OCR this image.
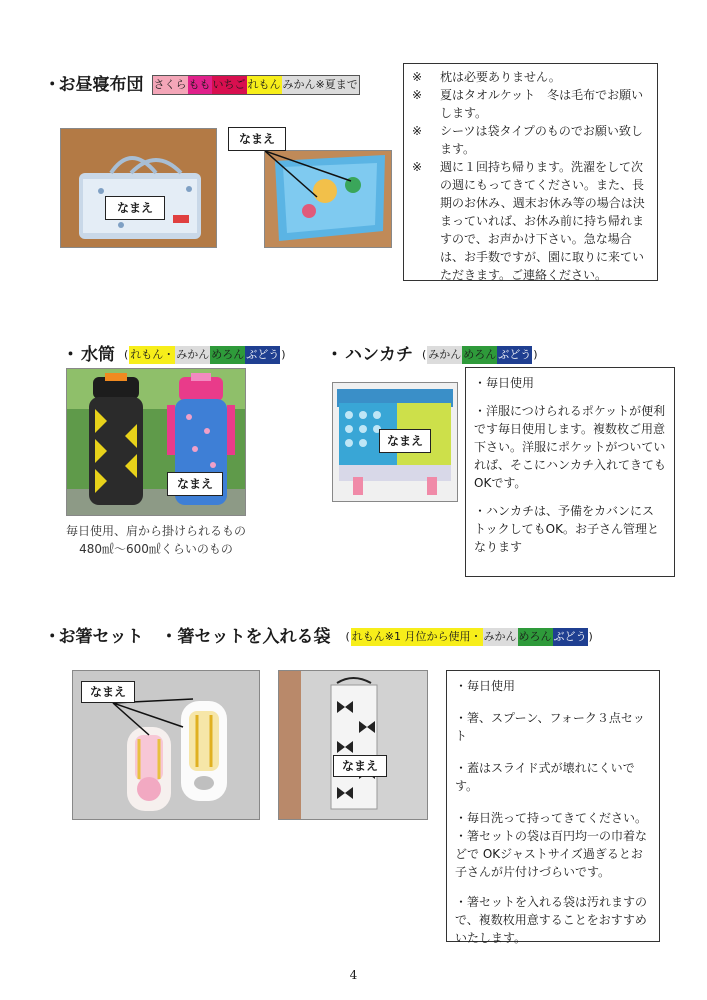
･ お昼寝布団 さくら もも いちご れもん みかん※夏まで
なまえ
なまえ
※	枕は必要ありません。
※	夏はタオルケット　冬は毛布でお願いします。
※	シーツは袋タイプのものでお願い致します。
※	週に１回持ち帰ります。洗濯をして次の週にもってきてください。また、長期のお休み、週末お休み等の場合は決まっていれば、お休み前に持ち帰れますので、お声かけ下さい。急な場合は、お手数ですが、園に取りに来ていただきます。ご連絡ください。
・ 水筒 ( れもん・ みかん めろん ぶどう )
なまえ
毎日使用、肩から掛けられるもの
480㎖～600㎖くらいのもの
・ ハンカチ ( みかん めろん ぶどう )
なまえ

・毎日使用

・洋服につけられるポケットが便利です毎日使用します。複数枚ご用意下さい。洋服にポケットがついていれば、そこにハンカチ入れてきてもOKです。

・ハンカチは、予備をカバンにストックしてもOK。お子さん管理となります

･ お箸セット　・箸セットを入れる袋 ( れもん※1 月位から使用・ みかん めろん ぶどう )
なまえ
なまえ

・毎日使用

・箸、スプーン、フォーク３点セット

・蓋はスライド式が壊れにくいです。

・毎日洗って持ってきてください。

・箸セットの袋は百円均一の巾着などで OKジャストサイズ過ぎるとお子さんが片付けづらいです。

・箸セットを入れる袋は汚れますので、複数枚用意することをおすすめいたします。

4
